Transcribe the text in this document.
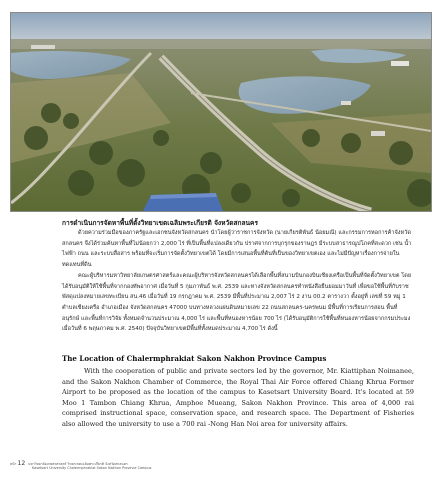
การดำเนินการจัดหาพื้นที่ตั้งวิทยาเขตเฉลิมพระเกียรติ จังหวัดสกลนคร

ด้วยความร่วมมือของภาครัฐและเอกชนจังหวัดสกลนคร นำโดยผู้ว่าราชการจังหวัด (นายเกียรติพันธ์ น้อยมณี) และกรรมการหอการค้าจังหวัดสกลนคร จึงได้ร่วมค้นหาพื้นที่ไม่น้อยกว่า 2,000 ไร่ ที่เป็นพื้นที่แปลงเดียวกัน ปราศจากการบุกรุกของราษฎร มีระบบสาธารณูปโภคที่สะดวก เช่น น้ำ ไฟฟ้า ถนน และระบบสื่อสาร พร้อมที่จะเริ่มการจัดตั้งวิทยาเขตได้ โดยมีการเสนอพื้นที่ต้นที่เป็นของวิทยาเขตเอง และไม่มีปัญหาเรื่องการจ่ายในทดแทนที่ดิน

คณะผู้บริหารมหาวิทยาลัยเกษตรศาสตร์และคณะผู้บริหารจังหวัดสกลนครได้เลือกพื้นที่สนามบินกองบินเชียงเครือเป็นพื้นที่จัดตั้งวิทยาเขต โดยได้รับอนุมัติให้ใช้พื้นที่จากกองทัพอากาศ เมื่อวันที่ 5 กุมภาพันธ์ พ.ศ. 2539 และทางจังหวัดสกลนครทำหนังสือยืนยอมมาวันที่ เพื่อขอใช้พื้นที่กับราชพัสดุแปลงหมายเลขทะเบียน สน.46 เมื่อวันที่ 19 กรกฎาคม พ.ศ. 2539 มีพื้นที่ประมาณ 2,007 ไร่ 2 งาน 00.2 ตารางวา ตั้งอยู่ที่ เลขที่ 59 หมู่ 1 ตำบลเชียงเครือ อำเภอเมือง จังหวัดสกลนคร 47000 บนทางหลวงแผ่นดินหมายเลข 22 ถนนสกลนคร-นครพนม มีพื้นที่การเรียนการสอน พื้นที่อนุรักษ์ และพื้นที่การวิจัย ทั้งหมดจำนวนประมาณ 4,000 ไร่ และพื้นที่หนองหารน้อย 700 ไร่ (ได้รับอนุมัติการใช้พื้นที่หนองหารน้อยจากกรมประมง เมื่อวันที่ 6 พฤษภาคม พ.ศ. 2540) ปัจจุบันวิทยาเขตมีพื้นที่ทั้งหมดประมาณ 4,700 ไร่ ดังนี้

The Location of Chalermphrakiat Sakon Nakhon Province Campus

With the cooperation of public and private sectors led by the governor, Mr. Kiattiphan Noimanee, and the Sakon Nakhon Chamber of Commerce, the Royal Thai Air Force offered Chiang Khrua Former Airport to be proposed as the location of the campus to Kasetsart University Board. It's located at 59 Moo 1 Tambon Chiang Khrua, Amphoe Mueang, Sakon Nakhon Province. This area of 4,000 rai comprised instructional space, conservation space, and research space. The Department of Fisheries also allowed the university to use a 700 rai -Nong Han Noi area for university affairs.

หน้า 12 มหาวิทยาลัยเกษตรศาสตร์ วิทยาเขตเฉลิมพระเกียรติ จังหวัดสกลนคร
Kasetsart University Chalermphrakiat Sakon Nakhon Province Campus
